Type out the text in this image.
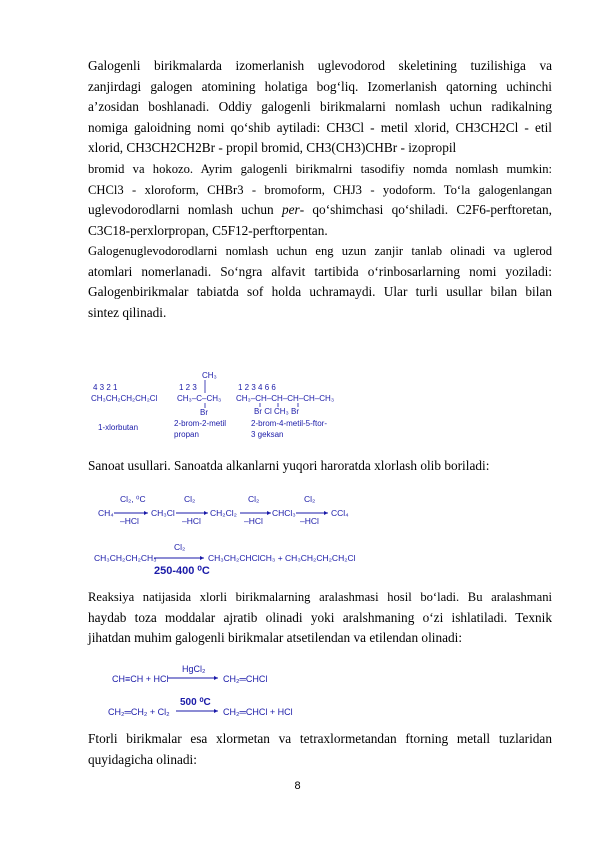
Galogenli birikmalarda izomerlanish uglevodorod skeletining tuzilishiga va
zanjirdagi galogen atomining holatiga bog‘liq. Izomerlanish qatorning uchinchi
a’zosidan boshlanadi. Oddiy galogenli birikmalarni nomlash uchun radikalning
nomiga galoidning nomi qo‘shib aytiladi: CH3Cl - metil xlorid, CH3CH2Cl - etil
xlorid, CH3CH2CH2Br - propil bromid, CH3(CH3)CHBr - izopropil
bromid va hokozo. Ayrim galogenli birikmalrni tasodifiy nomda nomlash mumkin:
CHCl3 - xloroform, CHBr3 - bromoform, CHJ3 - yodoform. To‘la galogenlangan
uglevodorodlarni nomlash uchun per- qo‘shimchasi qo‘shiladi. C2F6-perftoretan,
C3C18-perxlorpropan, C5F12-perftorpentan.
Galogenuglevodorodlarni nomlash uchun eng uzun zanjir tanlab olinadi va uglerod
atomlari nomerlanadi. So‘ngra alfavit tartibida o‘rinbosarlarning nomi yoziladi:
Galogenbirikmalar tabiatda sof holda uchramaydi. Ular turli usullar bilan bilan
sintez qilinadi.
4 3 2 1
CH₃CH₂CH₂CH₂Cl
1-xlorbutan
CH₃
1 2 3
CH₃–C–CH₃
Br
2-brom-2-metil
propan
1 2 3 4 6 6
CH₃–CH–CH–CH–CH–CH₃
Br Cl CH₃ Br
2-brom-4-metil-5-ftor-
3 geksan
Sanoat usullari. Sanoatda alkanlarni yuqori haroratda xlorlash olib boriladi:
CH₄
Cl₂, ⁰C
–HCl
CH₃Cl
Cl₂
–HCl
CH₂Cl₂
Cl₂
–HCl
CHCl₃
Cl₂
–HCl
CCl₄
CH₃CH₂CH₂CH₃
Cl₂
250-400 ⁰C
CH₃CH₂CHClCH₃ + CH₃CH₂CH₂CH₂Cl
Reaksiya natijasida xlorli birikmalarning aralashmasi hosil bo‘ladi. Bu aralashmani
haydab toza moddalar ajratib olinadi yoki aralshmaning o‘zi ishlatiladi. Texnik
jihatdan muhim galogenli birikmalar atsetilendan va etilendan olinadi:
CH≡CH + HCl
HgCl₂
CH₂═CHCl
CH₂═CH₂ + Cl₂
500 ⁰C
CH₂═CHCl + HCl
Ftorli birikmalar esa xlormetan va tetraxlormetandan ftorning metall tuzlaridan
quyidagicha olinadi:
8
